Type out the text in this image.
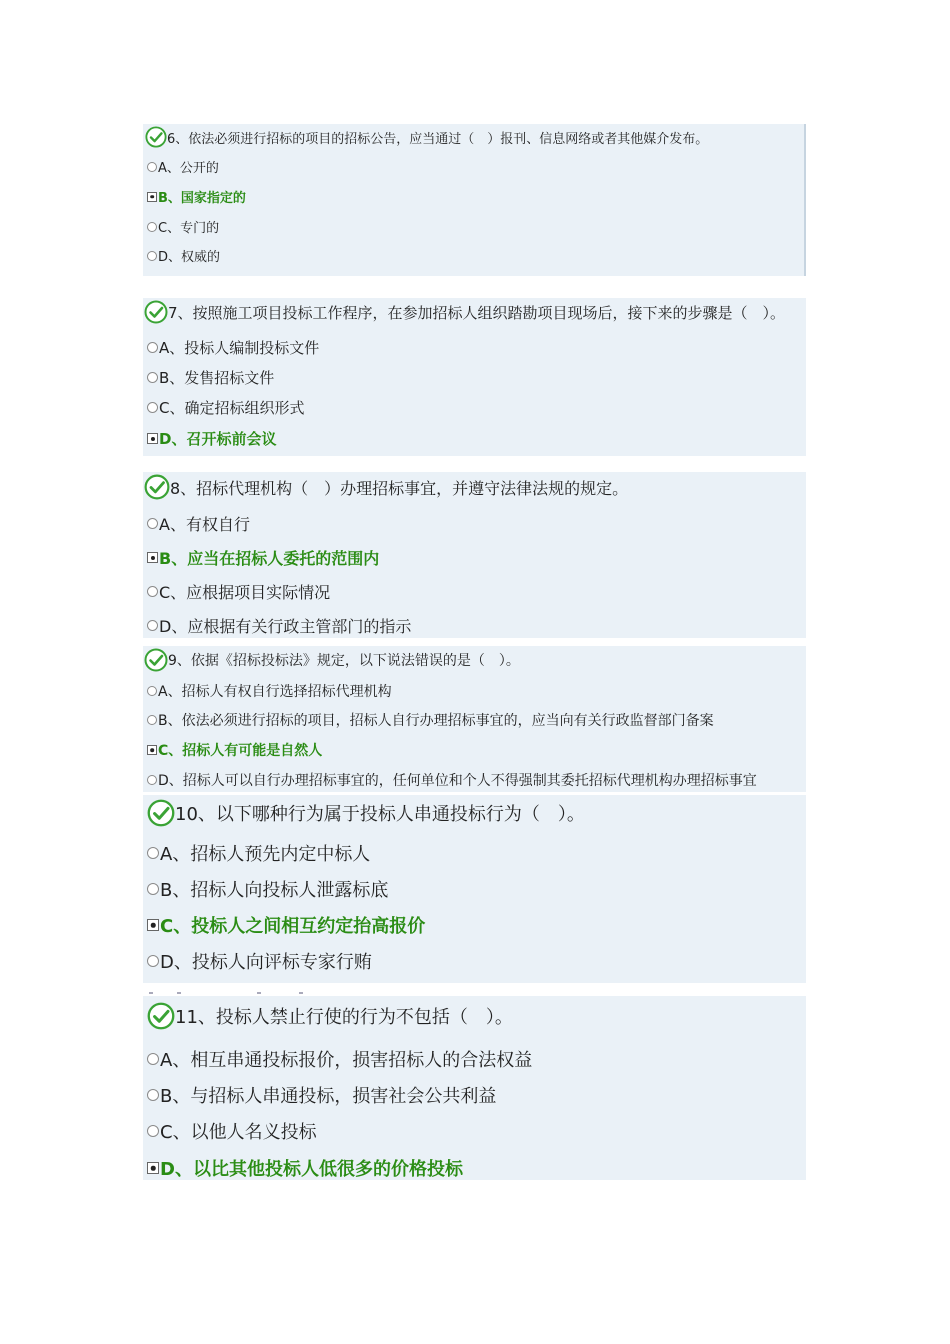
6、依法必须进行招标的项目的招标公告，应当通过（　）报刊、信息网络或者其他媒介发布。
A、公开的
B、国家指定的
C、专门的
D、权威的
7、按照施工项目投标工作程序，在参加招标人组织踏勘项目现场后，接下来的步骤是（　）。
A、投标人编制投标文件
B、发售招标文件
C、确定招标组织形式
D、召开标前会议
8、招标代理机构（　）办理招标事宜，并遵守法律法规的规定。
A、有权自行
B、应当在招标人委托的范围内
C、应根据项目实际情况
D、应根据有关行政主管部门的指示
9、依据《招标投标法》规定，以下说法错误的是（　）。
A、招标人有权自行选择招标代理机构
B、依法必须进行招标的项目，招标人自行办理招标事宜的，应当向有关行政监督部门备案
C、招标人有可能是自然人
D、招标人可以自行办理招标事宜的，任何单位和个人不得强制其委托招标代理机构办理招标事宜
10、以下哪种行为属于投标人串通投标行为（　）。
A、招标人预先内定中标人
B、招标人向投标人泄露标底
C、投标人之间相互约定抬高报价
D、投标人向评标专家行贿
11、投标人禁止行使的行为不包括（　）。
A、相互串通投标报价，损害招标人的合法权益
B、与招标人串通投标，损害社会公共利益
C、以他人名义投标
D、以比其他投标人低很多的价格投标
